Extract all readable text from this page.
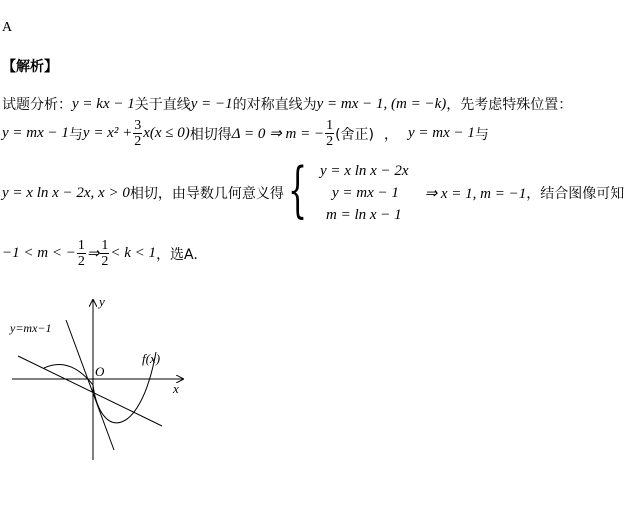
A
【解析】
试题分析： y = kx − 1 关于直线 y = −1 的对称直线为 y = mx − 1, (m = −k) ，先考虑特殊位置：
y = mx − 1 与 $y = x^2 + \frac{3}{2} x(x \le 0)$ 相切得 Δ = 0 ⇒ m = − $\frac{1}{2}$ (舍正) ， y = mx − 1 与
y = x ln x − 2x, x > 0 相切，由导数几何意义得 { y = x ln x − 2x
y = mx − 1
m = ln x − 1
⇒ x = 1, m = −1 ，结合图像可知
−1 < m < − $\frac{1}{2}$ ⇒ $\frac{1}{2} < k < 1$ ，选A.
y
x
O
y=mx−1
f(x)
